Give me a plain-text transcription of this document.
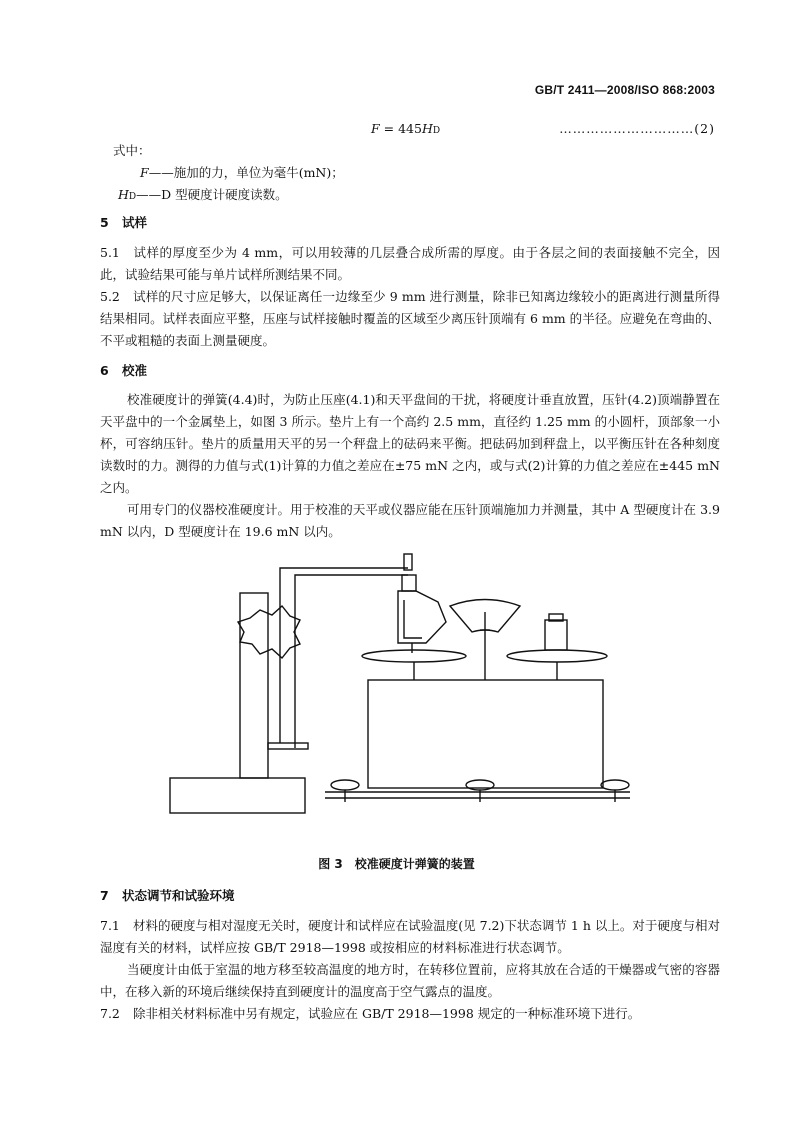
GB/T 2411—2008/ISO 868:2003
F = 445HD	…………………………(2)
式中：
F——施加的力，单位为毫牛(mN)；
HD——D 型硬度计硬度读数。
5 试样
5.1 试样的厚度至少为 4 mm，可以用较薄的几层叠合成所需的厚度。由于各层之间的表面接触不完全，因此，试验结果可能与单片试样所测结果不同。
5.2 试样的尺寸应足够大，以保证离任一边缘至少 9 mm 进行测量，除非已知离边缘较小的距离进行测量所得结果相同。试样表面应平整，压座与试样接触时覆盖的区域至少离压针顶端有 6 mm 的半径。应避免在弯曲的、不平或粗糙的表面上测量硬度。
6 校准
校准硬度计的弹簧(4.4)时，为防止压座(4.1)和天平盘间的干扰，将硬度计垂直放置，压针(4.2)顶端静置在天平盘中的一个金属垫上，如图 3 所示。垫片上有一个高约 2.5 mm，直径约 1.25 mm 的小圆杆，顶部象一小杯，可容纳压针。垫片的质量用天平的另一个秤盘上的砝码来平衡。把砝码加到秤盘上，以平衡压针在各种刻度读数时的力。测得的力值与式(1)计算的力值之差应在±75 mN 之内，或与式(2)计算的力值之差应在±445 mN 之内。
可用专门的仪器校准硬度计。用于校准的天平或仪器应能在压针顶端施加力并测量，其中 A 型硬度计在 3.9 mN 以内，D 型硬度计在 19.6 mN 以内。
图 3　校准硬度计弹簧的装置
7 状态调节和试验环境
7.1 材料的硬度与相对湿度无关时，硬度计和试样应在试验温度(见 7.2)下状态调节 1 h 以上。对于硬度与相对湿度有关的材料，试样应按 GB/T 2918—1998 或按相应的材料标准进行状态调节。
当硬度计由低于室温的地方移至较高温度的地方时，在转移位置前，应将其放在合适的干燥器或气密的容器中，在移入新的环境后继续保持直到硬度计的温度高于空气露点的温度。
7.2 除非相关材料标准中另有规定，试验应在 GB/T 2918—1998 规定的一种标准环境下进行。
